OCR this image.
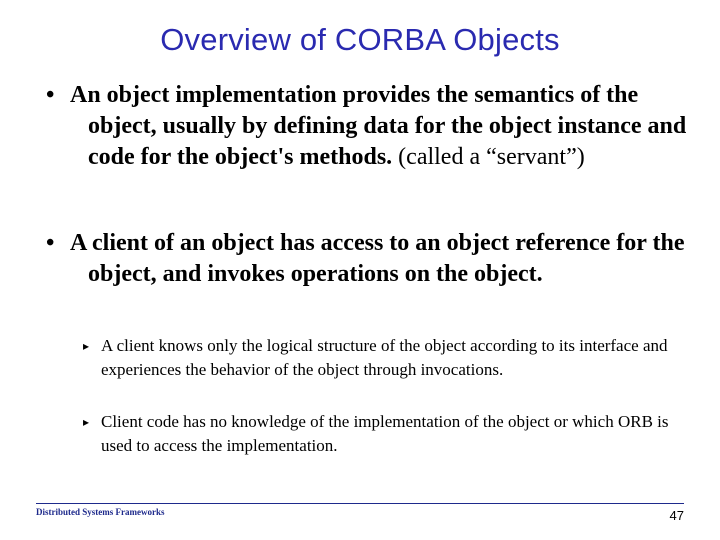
Overview of CORBA Objects
• An object implementation provides the semantics of the object, usually by defining data for the object instance and code for the object's methods. (called a “servant”)
• A client of an object has access to an object reference for the object, and invokes operations on the object.
▸ A client knows only the logical structure of the object according to its interface and experiences the behavior of the object through invocations.
▸ Client code has no knowledge of the implementation of the object or which ORB is used to access the implementation.
Distributed Systems Frameworks	47
